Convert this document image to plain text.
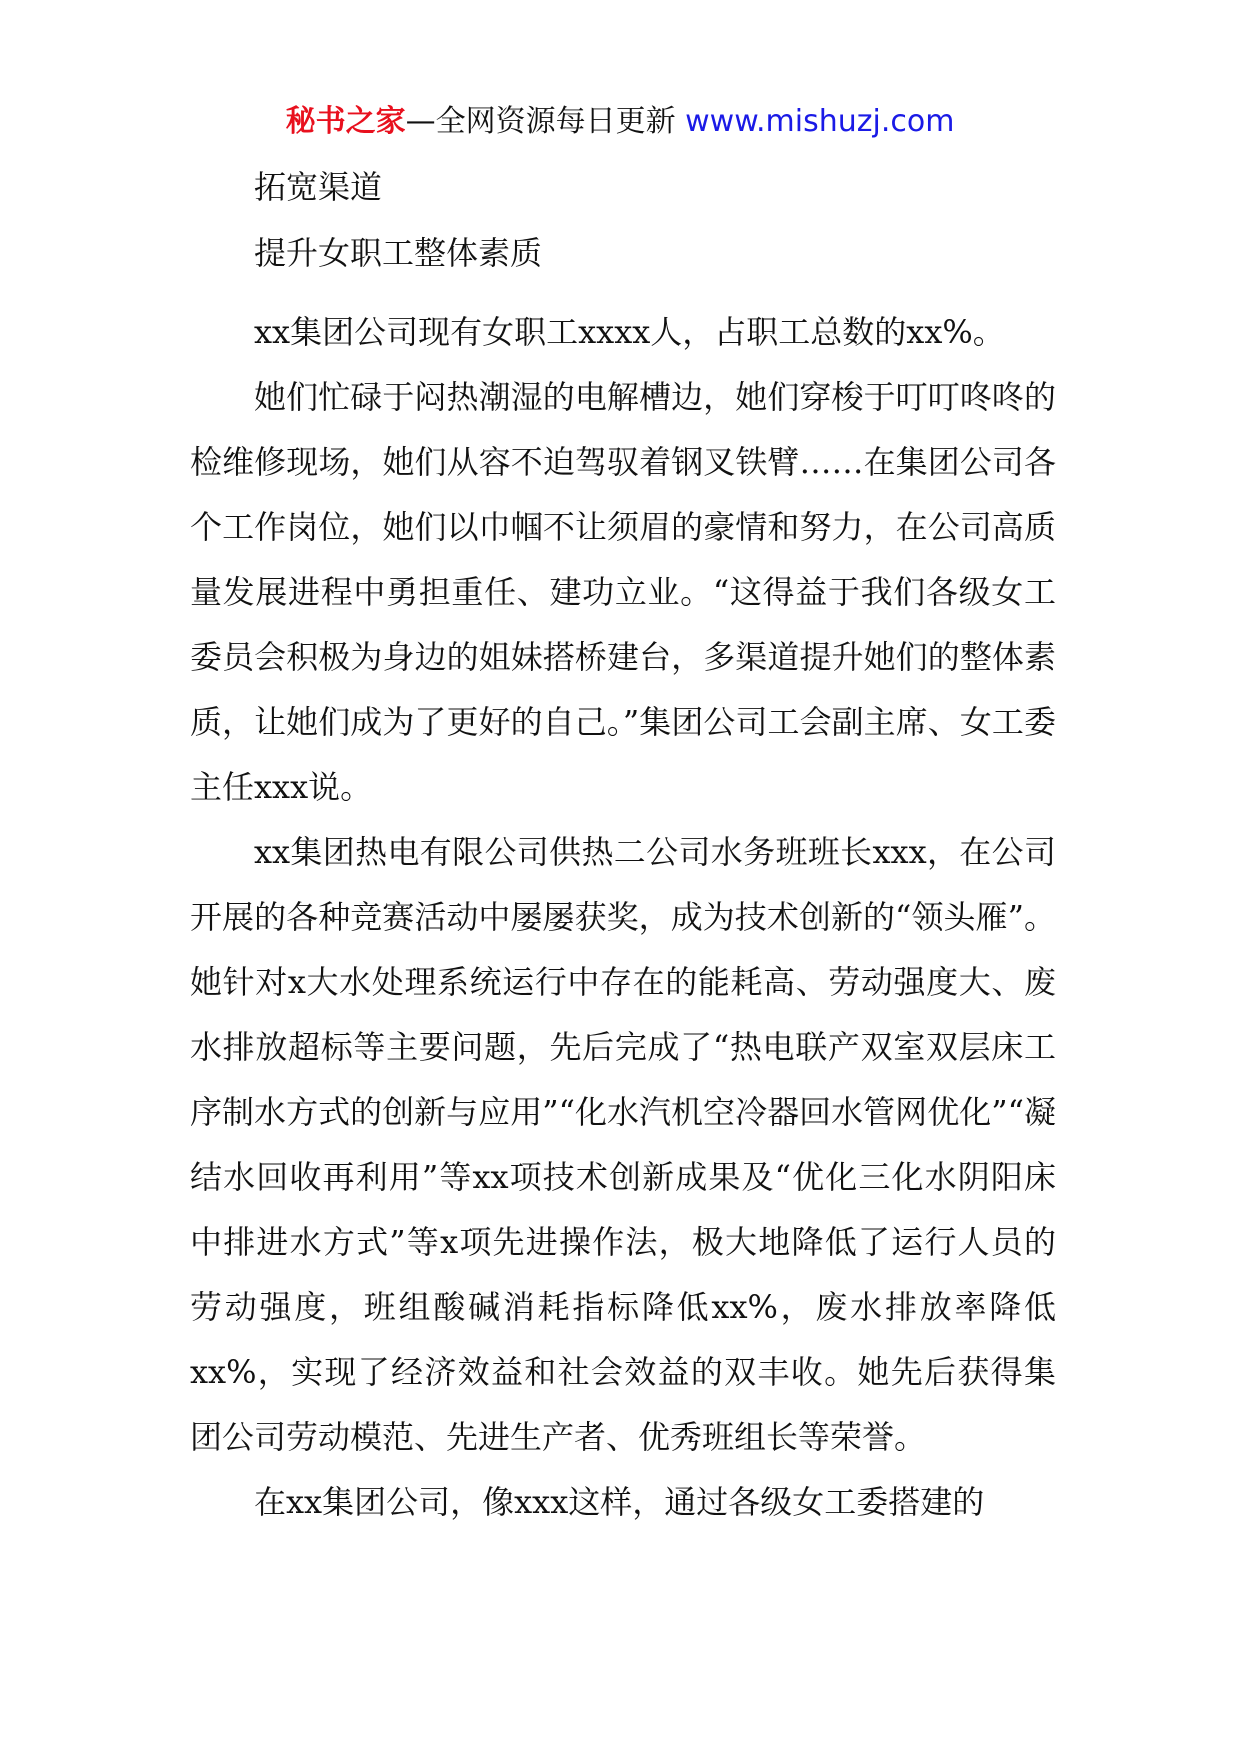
秘书之家—全网资源每日更新 www.mishuzj.com

拓宽渠道

提升女职工整体素质

xx集团公司现有女职工xxxx人，占职工总数的xx%。

她们忙碌于闷热潮湿的电解槽边，她们穿梭于叮叮咚咚的检维修现场，她们从容不迫驾驭着钢叉铁臂……在集团公司各个工作岗位，她们以巾帼不让须眉的豪情和努力，在公司高质量发展进程中勇担重任、建功立业。“这得益于我们各级女工委员会积极为身边的姐妹搭桥建台，多渠道提升她们的整体素质，让她们成为了更好的自己。”集团公司工会副主席、女工委主任xxx说。

xx集团热电有限公司供热二公司水务班班长xxx，在公司开展的各种竞赛活动中屡屡获奖，成为技术创新的“领头雁”。她针对x大水处理系统运行中存在的能耗高、劳动强度大、废水排放超标等主要问题，先后完成了“热电联产双室双层床工序制水方式的创新与应用”“化水汽机空冷器回水管网优化”“凝结水回收再利用”等xx项技术创新成果及“优化三化水阴阳床中排进水方式”等x项先进操作法，极大地降低了运行人员的劳动强度，班组酸碱消耗指标降低xx%，废水排放率降低xx%，实现了经济效益和社会效益的双丰收。她先后获得集团公司劳动模范、先进生产者、优秀班组长等荣誉。

在xx集团公司，像xxx这样，通过各级女工委搭建的
